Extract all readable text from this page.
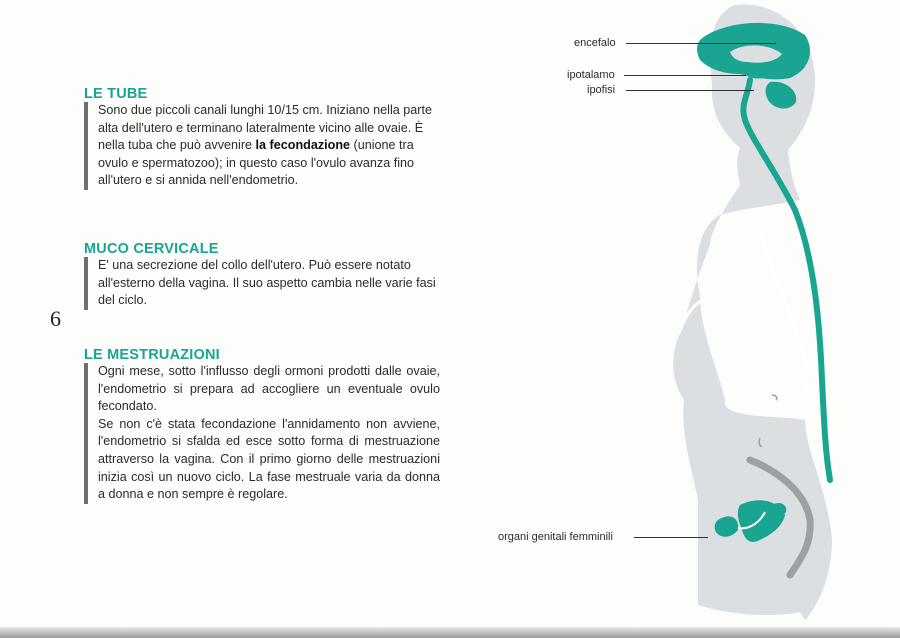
LE TUBE

Sono due piccoli canali lunghi 10/15 cm. Iniziano nella parte alta dell'utero e terminano lateralmente vicino alle ovaie. È nella tuba che può avvenire la fecondazione (unione tra ovulo e spermatozoo); in questo caso l'ovulo avanza fino all'utero e si annida nell'endometrio.

MUCO CERVICALE

E' una secrezione del collo dell'utero. Può essere notato all'esterno della vagina. Il suo aspetto cambia nelle varie fasi del ciclo.

6
LE MESTRUAZIONI

Ogni mese, sotto l'influsso degli ormoni prodotti dalle ovaie, l'endometrio si prepara ad accogliere un eventuale ovulo fecondato.

Se non c'è stata fecondazione l'annidamento non avviene, l'endometrio si sfalda ed esce sotto forma di mestruazione attraverso la vagina. Con il primo giorno delle mestruazioni inizia così un nuovo ciclo. La fase mestruale varia da donna a donna e non sempre è regolare.

encefalo
ipotalamo
ipofisi
organi genitali femminili
